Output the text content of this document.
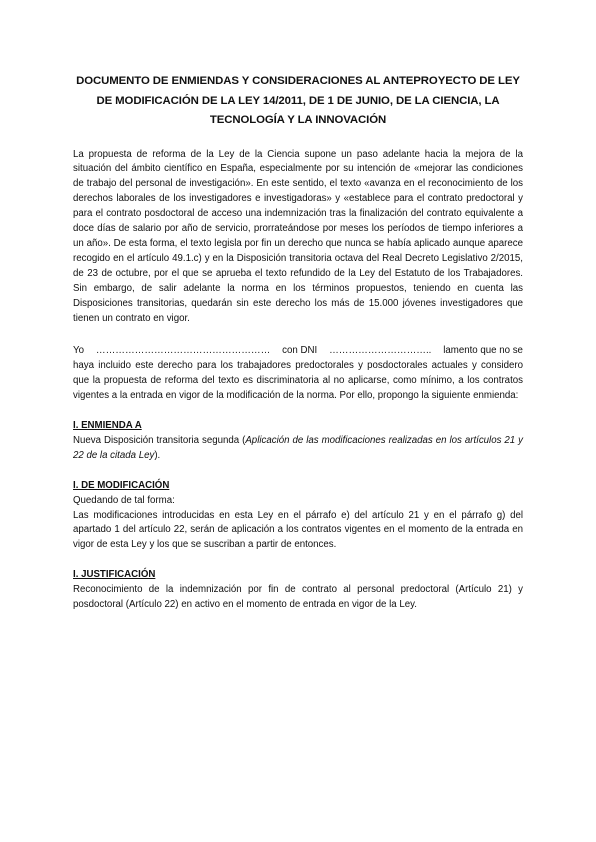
DOCUMENTO DE ENMIENDAS Y CONSIDERACIONES AL ANTEPROYECTO DE LEY DE MODIFICACIÓN DE LA LEY 14/2011, DE 1 DE JUNIO, DE LA CIENCIA, LA TECNOLOGÍA Y LA INNOVACIÓN

La propuesta de reforma de la Ley de la Ciencia supone un paso adelante hacia la mejora de la situación del ámbito científico en España, especialmente por su intención de «mejorar las condiciones de trabajo del personal de investigación». En este sentido, el texto «avanza en el reconocimiento de los derechos laborales de los investigadores e investigadoras» y «establece para el contrato predoctoral y para el contrato posdoctoral de acceso una indemnización tras la finalización del contrato equivalente a doce días de salario por año de servicio, prorrateándose por meses los períodos de tiempo inferiores a un año». De esta forma, el texto legisla por fin un derecho que nunca se había aplicado aunque aparece recogido en el artículo 49.1.c) y en la Disposición transitoria octava del Real Decreto Legislativo 2/2015, de 23 de octubre, por el que se aprueba el texto refundido de la Ley del Estatuto de los Trabajadores. Sin embargo, de salir adelante la norma en los términos propuestos, teniendo en cuenta las Disposiciones transitorias, quedarán sin este derecho los más de 15.000 jóvenes investigadores que tienen un contrato en vigor.

Yo ……………………………………………… con DNI ………………………….. lamento que no se

haya incluido este derecho para los trabajadores predoctorales y posdoctorales actuales y considero que la propuesta de reforma del texto es discriminatoria al no aplicarse, como mínimo, a los contratos vigentes a la entrada en vigor de la modificación de la norma. Por ello, propongo la siguiente enmienda:

I. ENMIENDA A

Nueva Disposición transitoria segunda (Aplicación de las modificaciones realizadas en los artículos 21 y 22 de la citada Ley).

I. DE MODIFICACIÓN

Quedando de tal forma:

Las modificaciones introducidas en esta Ley en el párrafo e) del artículo 21 y en el párrafo g) del apartado 1 del artículo 22, serán de aplicación a los contratos vigentes en el momento de la entrada en vigor de esta Ley y los que se suscriban a partir de entonces.

I. JUSTIFICACIÓN

Reconocimiento de la indemnización por fin de contrato al personal predoctoral (Artículo 21) y posdoctoral (Artículo 22) en activo en el momento de entrada en vigor de la Ley.
